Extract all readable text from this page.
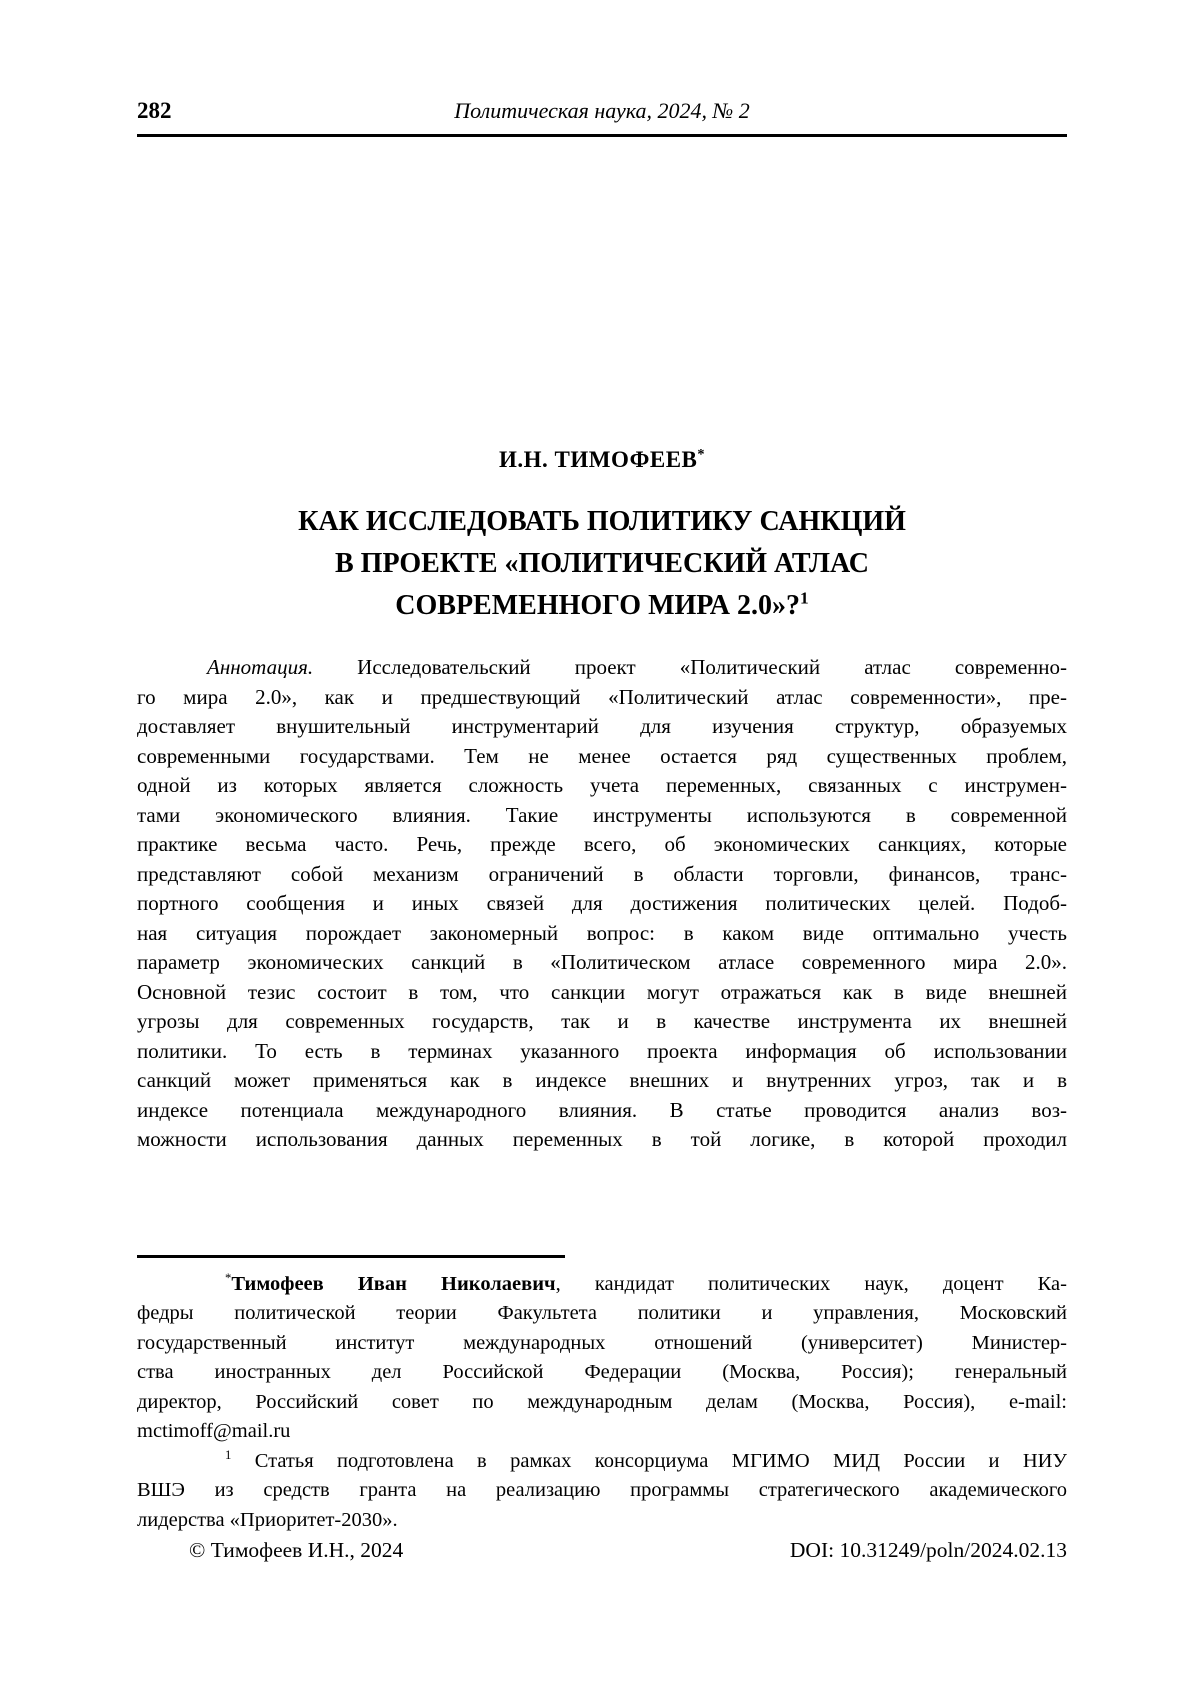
282	Политическая наука, 2024, № 2
И.Н. ТИМОФЕЕВ*
КАК ИССЛЕДОВАТЬ ПОЛИТИКУ САНКЦИЙ
В ПРОЕКТЕ «ПОЛИТИЧЕСКИЙ АТЛАС
СОВРЕМЕННОГО МИРА 2.0»?$^1$
Аннотация. Исследовательский проект «Политический атлас современно-
го мира 2.0», как и предшествующий «Политический атлас современности», пре-
доставляет внушительный инструментарий для изучения структур, образуемых
современными государствами. Тем не менее остается ряд существенных проблем,
одной из которых является сложность учета переменных, связанных с инструмен-
тами экономического влияния. Такие инструменты используются в современной
практике весьма часто. Речь, прежде всего, об экономических санкциях, которые
представляют собой механизм ограничений в области торговли, финансов, транс-
портного сообщения и иных связей для достижения политических целей. Подоб-
ная ситуация порождает закономерный вопрос: в каком виде оптимально учесть
параметр экономических санкций в «Политическом атласе современного мира 2.0».
Основной тезис состоит в том, что санкции могут отражаться как в виде внешней
угрозы для современных государств, так и в качестве инструмента их внешней
политики. То есть в терминах указанного проекта информация об использовании
санкций может применяться как в индексе внешних и внутренних угроз, так и в
индексе потенциала международного влияния. В статье проводится анализ воз-
можности использования данных переменных в той логике, в которой проходил
*Тимофеев Иван Николаевич, кандидат политических наук, доцент Ка-
федры политической теории Факультета политики и управления, Московский
государственный институт международных отношений (университет) Министер-
ства иностранных дел Российской Федерации (Москва, Россия); генеральный
директор, Российский совет по международным делам (Москва, Россия), e-mail:
mctimoff@mail.ru
$^1$ Статья подготовлена в рамках консорциума МГИМО МИД России и НИУ
ВШЭ из средств гранта на реализацию программы стратегического академического
лидерства «Приоритет-2030».
© Тимофеев И.Н., 2024	DOI: 10.31249/poln/2024.02.13
